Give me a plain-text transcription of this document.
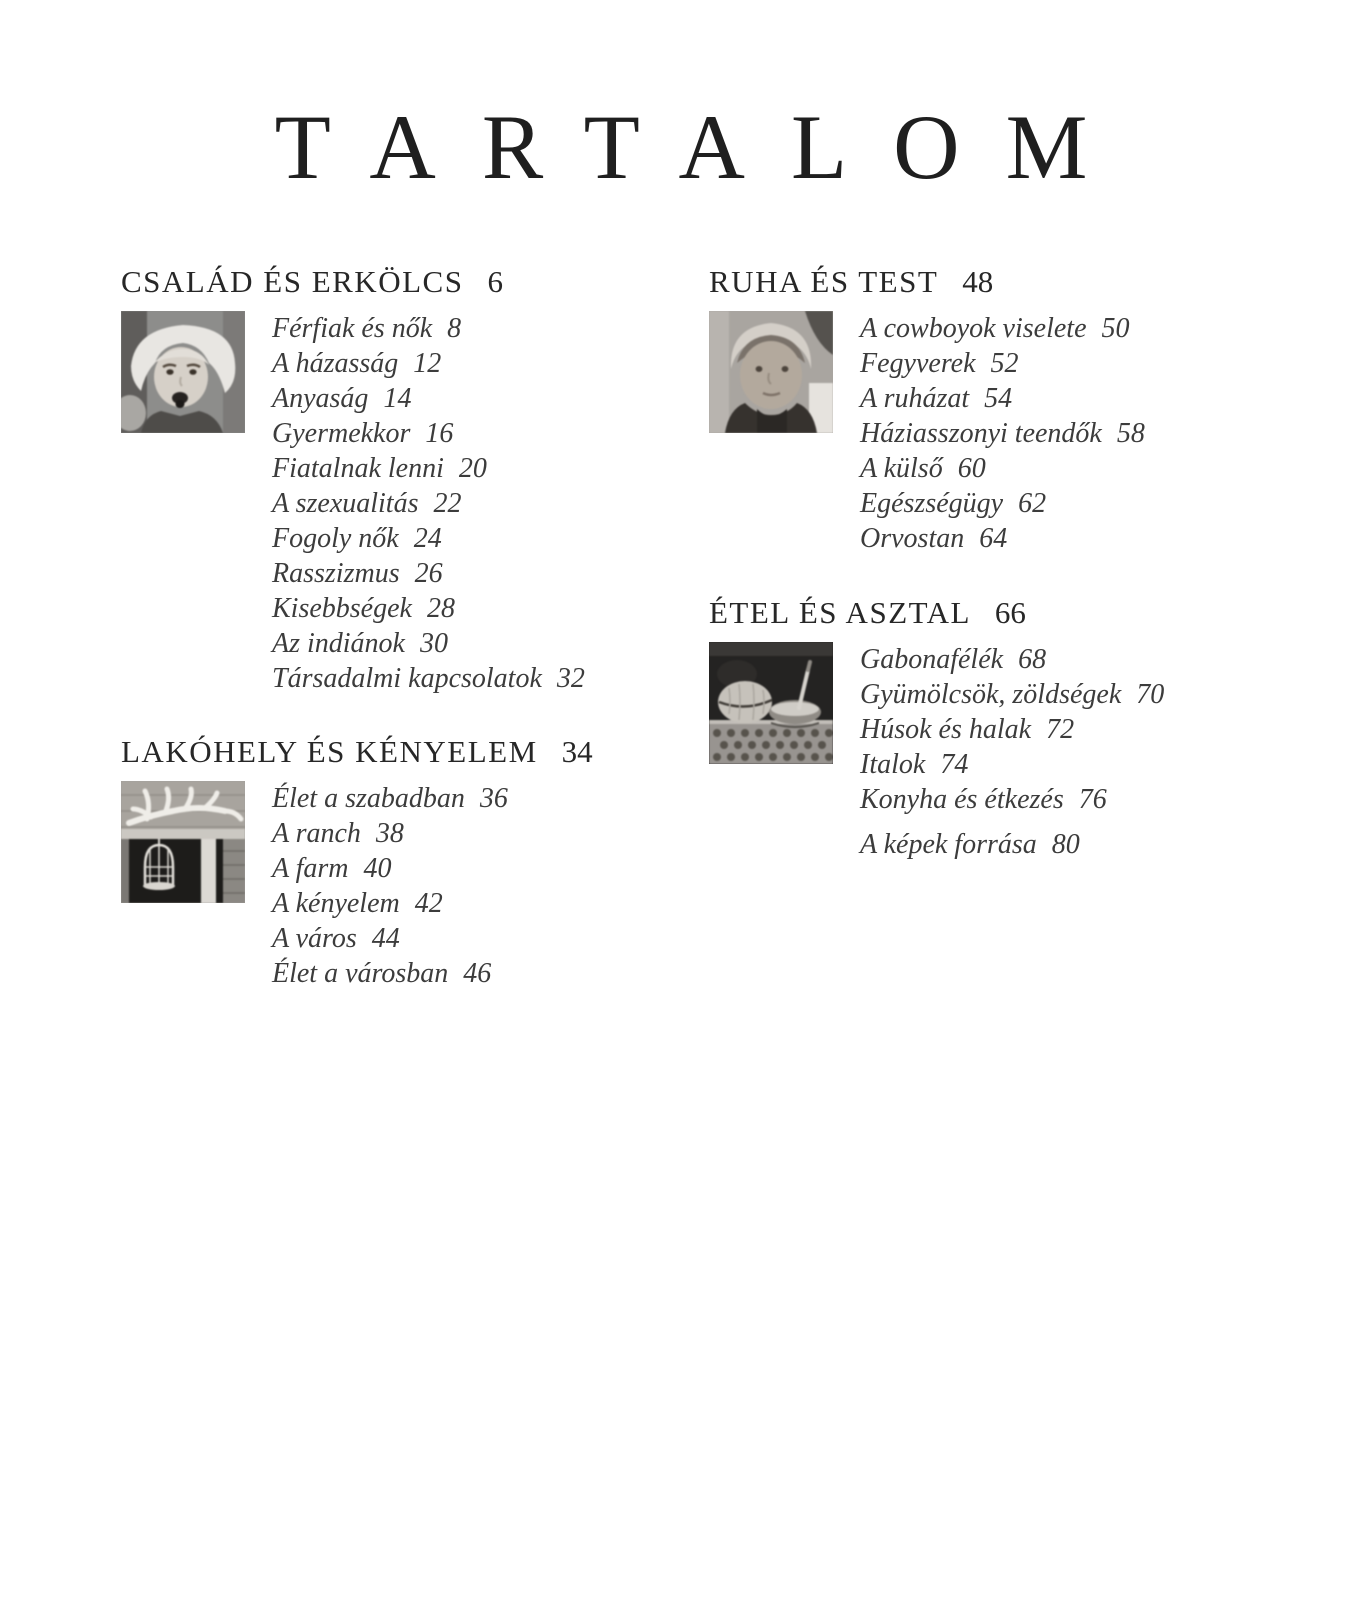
TARTALOM
CSALÁD ÉS ERKÖLCS 6
Férfiak és nők 8
A házasság 12
Anyaság 14
Gyermekkor 16
Fiatalnak lenni 20
A szexualitás 22
Fogoly nők 24
Rasszizmus 26
Kisebbségek 28
Az indiánok 30
Társadalmi kapcsolatok 32
LAKÓHELY ÉS KÉNYELEM 34
Élet a szabadban 36
A ranch 38
A farm 40
A kényelem 42
A város 44
Élet a városban 46
RUHA ÉS TEST 48
A cowboyok viselete 50
Fegyverek 52
A ruházat 54
Háziasszonyi teendők 58
A külső 60
Egészségügy 62
Orvostan 64
ÉTEL ÉS ASZTAL 66
Gabonafélék 68
Gyümölcsök, zöldségek 70
Húsok és halak 72
Italok 74
Konyha és étkezés 76
A képek forrása 80
